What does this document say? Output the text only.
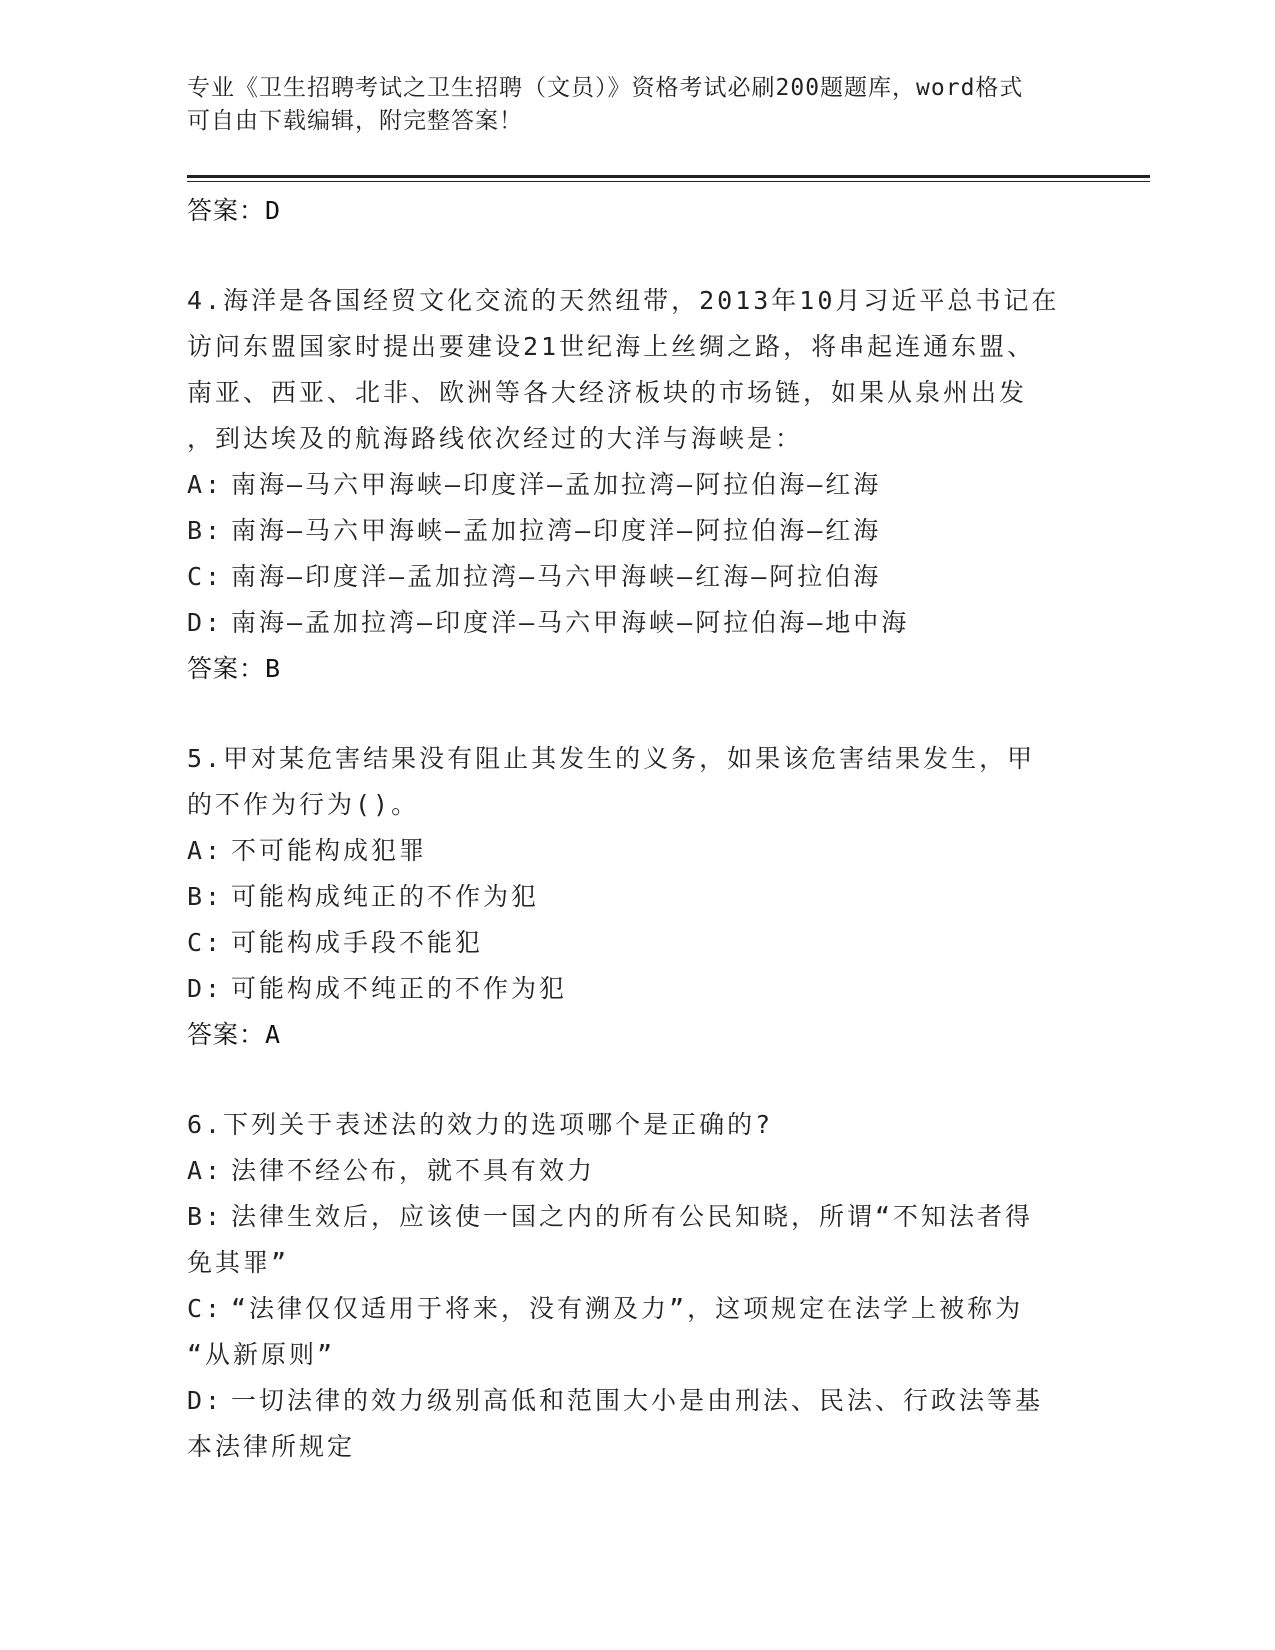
专业《卫生招聘考试之卫生招聘（文员）》资格考试必刷200题题库，word格式
可自由下载编辑，附完整答案！
答案：D
4.海洋是各国经贸文化交流的天然纽带，2013年10月习近平总书记在
访问东盟国家时提出要建设21世纪海上丝绸之路，将串起连通东盟、
南亚、西亚、北非、欧洲等各大经济板块的市场链，如果从泉州出发
，到达埃及的航海路线依次经过的大洋与海峡是：
A: 南海—马六甲海峡—印度洋—孟加拉湾—阿拉伯海—红海
B: 南海—马六甲海峡—孟加拉湾—印度洋—阿拉伯海—红海
C: 南海—印度洋—孟加拉湾—马六甲海峡—红海—阿拉伯海
D: 南海—孟加拉湾—印度洋—马六甲海峡—阿拉伯海—地中海
答案：B
5.甲对某危害结果没有阻止其发生的义务，如果该危害结果发生，甲
的不作为行为()。
A: 不可能构成犯罪
B: 可能构成纯正的不作为犯
C: 可能构成手段不能犯
D: 可能构成不纯正的不作为犯
答案：A
6.下列关于表述法的效力的选项哪个是正确的?
A: 法律不经公布，就不具有效力
B: 法律生效后，应该使一国之内的所有公民知晓，所谓“不知法者得
免其罪”
C: “法律仅仅适用于将来，没有溯及力”，这项规定在法学上被称为
“从新原则”
D: 一切法律的效力级别高低和范围大小是由刑法、民法、行政法等基
本法律所规定
